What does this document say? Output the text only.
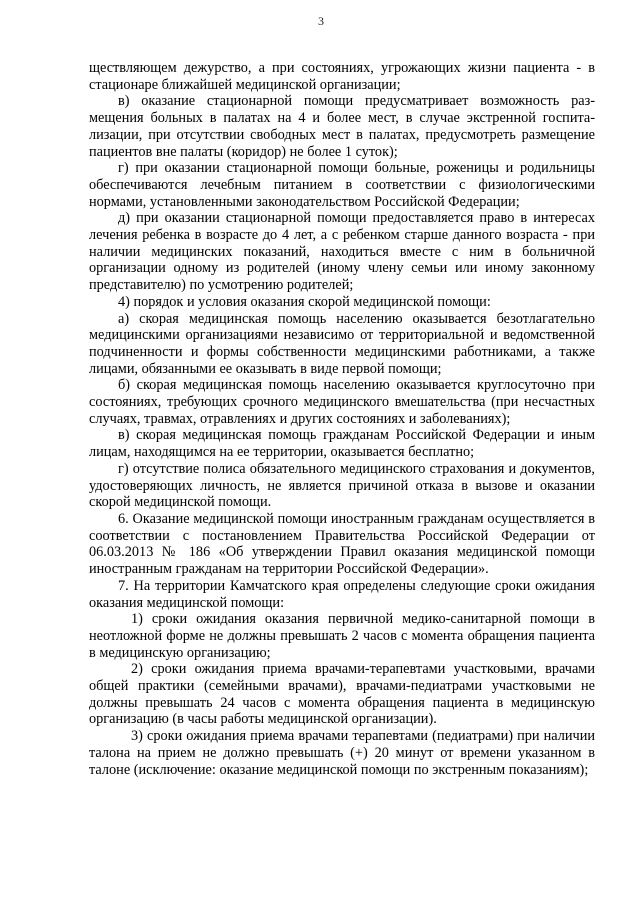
3

ществляющем дежурство, а при состояниях, угрожающих жизни пациента - в стационаре ближайшей медицинской организации;

в) оказание стационарной помощи предусматривает возможность размещения больных в палатах на 4 и более мест, в случае экстренной госпитализации, при отсутствии свободных мест в палатах, предусмотреть размещение пациентов вне палаты (коридор) не более 1 суток);

г) при оказании стационарной помощи больные, роженицы и родильницы обеспечиваются лечебным питанием в соответствии с физиологическими нормами, установленными законодательством Российской Федерации;

д) при оказании стационарной помощи предоставляется право в интересах лечения ребенка в возрасте до 4 лет, а с ребенком старше данного возраста - при наличии медицинских показаний, находиться вместе с ним в больничной организации одному из родителей (иному члену семьи или иному законному представителю) по усмотрению родителей;

4) порядок и условия оказания скорой медицинской помощи:

а) скорая медицинская помощь населению оказывается безотлагательно медицинскими организациями независимо от территориальной и ведомственной подчиненности и формы собственности медицинскими работниками, а также лицами, обязанными ее оказывать в виде первой помощи;

б) скорая медицинская помощь населению оказывается круглосуточно при состояниях, требующих срочного медицинского вмешательства (при несчастных случаях, травмах, отравлениях и других состояниях и заболеваниях);

в) скорая медицинская помощь гражданам Российской Федерации и иным лицам, находящимся на ее территории, оказывается бесплатно;

г) отсутствие полиса обязательного медицинского страхования и документов, удостоверяющих личность, не является причиной отказа в вызове и оказании скорой медицинской помощи.

6. Оказание медицинской помощи иностранным гражданам осуществляется в соответствии с постановлением Правительства Российской Федерации от 06.03.2013 № 186 «Об утверждении Правил оказания медицинской помощи иностранным гражданам на территории Российской Федерации».

7. На территории Камчатского края определены следующие сроки ожидания оказания медицинской помощи:

1) сроки ожидания оказания первичной медико-санитарной помощи в неотложной форме не должны превышать 2 часов с момента обращения пациента в медицинскую организацию;

2) сроки ожидания приема врачами-терапевтами участковыми, врачами общей практики (семейными врачами), врачами-педиатрами участковыми не должны превышать 24 часов с момента обращения пациента в медицинскую организацию (в часы работы медицинской организации).

3) сроки ожидания приема врачами терапевтами (педиатрами) при наличии талона на прием не должно превышать (+) 20 минут от времени указанном в талоне (исключение: оказание медицинской помощи по экстренным показаниям);
